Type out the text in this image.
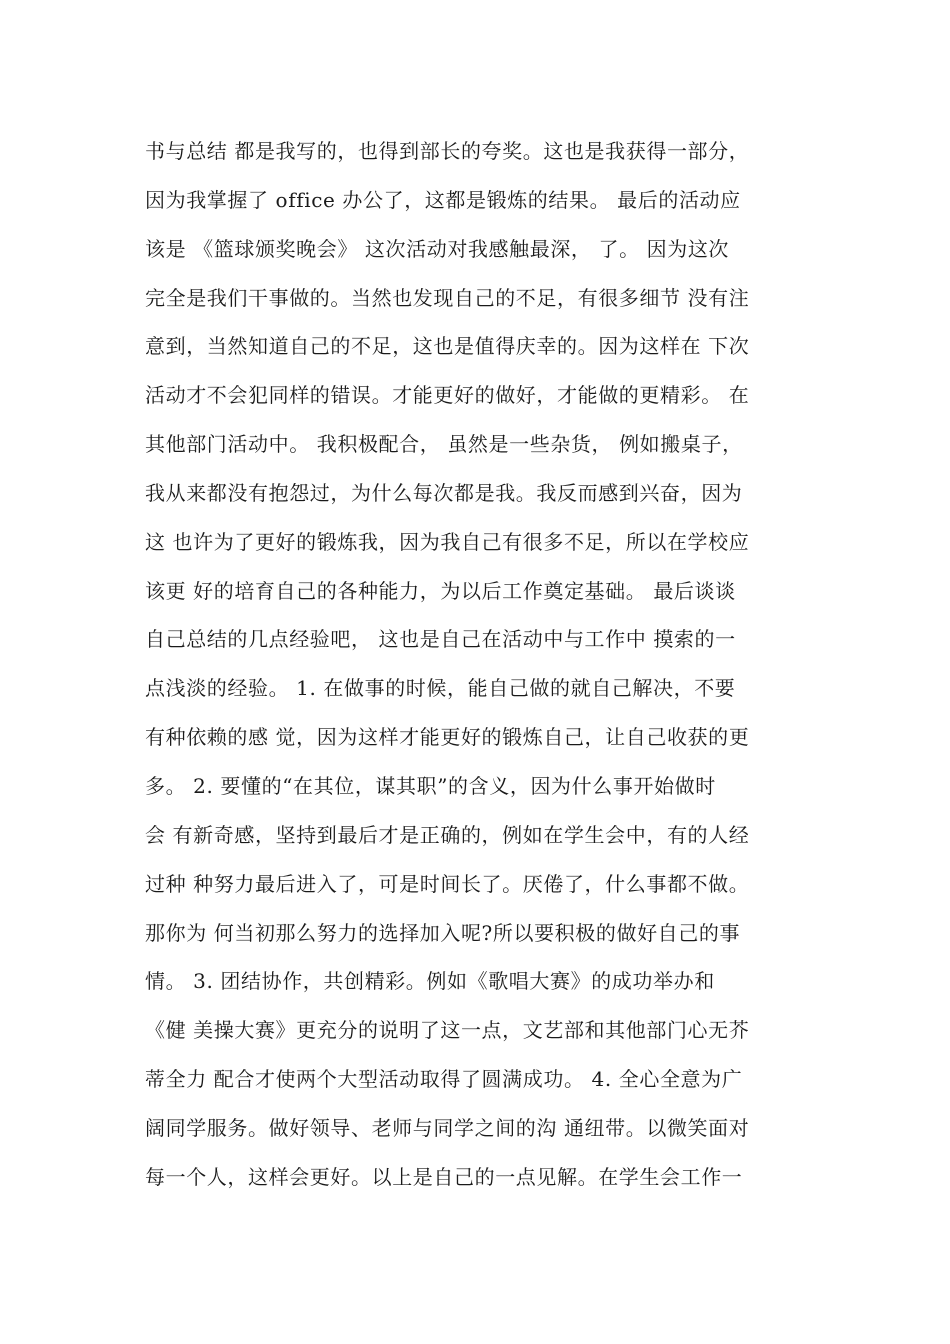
书与总结 都是我写的，也得到部长的夸奖。这也是我获得一部分，
因为我掌握了 office 办公了，这都是锻炼的结果。 最后的活动应
该是 《篮球颁奖晚会》 这次活动对我感触最深， 了。 因为这次
完全是我们干事做的。当然也发现自己的不足，有很多细节 没有注
意到，当然知道自己的不足，这也是值得庆幸的。因为这样在 下次
活动才不会犯同样的错误。才能更好的做好，才能做的更精彩。 在
其他部门活动中。 我积极配合， 虽然是一些杂货， 例如搬桌子，
我从来都没有抱怨过，为什么每次都是我。我反而感到兴奋，因为
这 也许为了更好的锻炼我，因为我自己有很多不足，所以在学校应
该更 好的培育自己的各种能力，为以后工作奠定基础。 最后谈谈
自己总结的几点经验吧， 这也是自己在活动中与工作中 摸索的一
点浅淡的经验。 1. 在做事的时候，能自己做的就自己解决，不要
有种依赖的感 觉，因为这样才能更好的锻炼自己，让自己收获的更
多。 2. 要懂的“在其位，谋其职”的含义，因为什么事开始做时
会 有新奇感，坚持到最后才是正确的，例如在学生会中，有的人经
过种 种努力最后进入了，可是时间长了。厌倦了，什么事都不做。
那你为 何当初那么努力的选择加入呢?所以要积极的做好自己的事
情。 3. 团结协作，共创精彩。例如《歌唱大赛》的成功举办和
《健 美操大赛》更充分的说明了这一点，文艺部和其他部门心无芥
蒂全力 配合才使两个大型活动取得了圆满成功。 4. 全心全意为广
阔同学服务。做好领导、老师与同学之间的沟 通纽带。以微笑面对
每一个人，这样会更好。以上是自己的一点见解。在学生会工作一
